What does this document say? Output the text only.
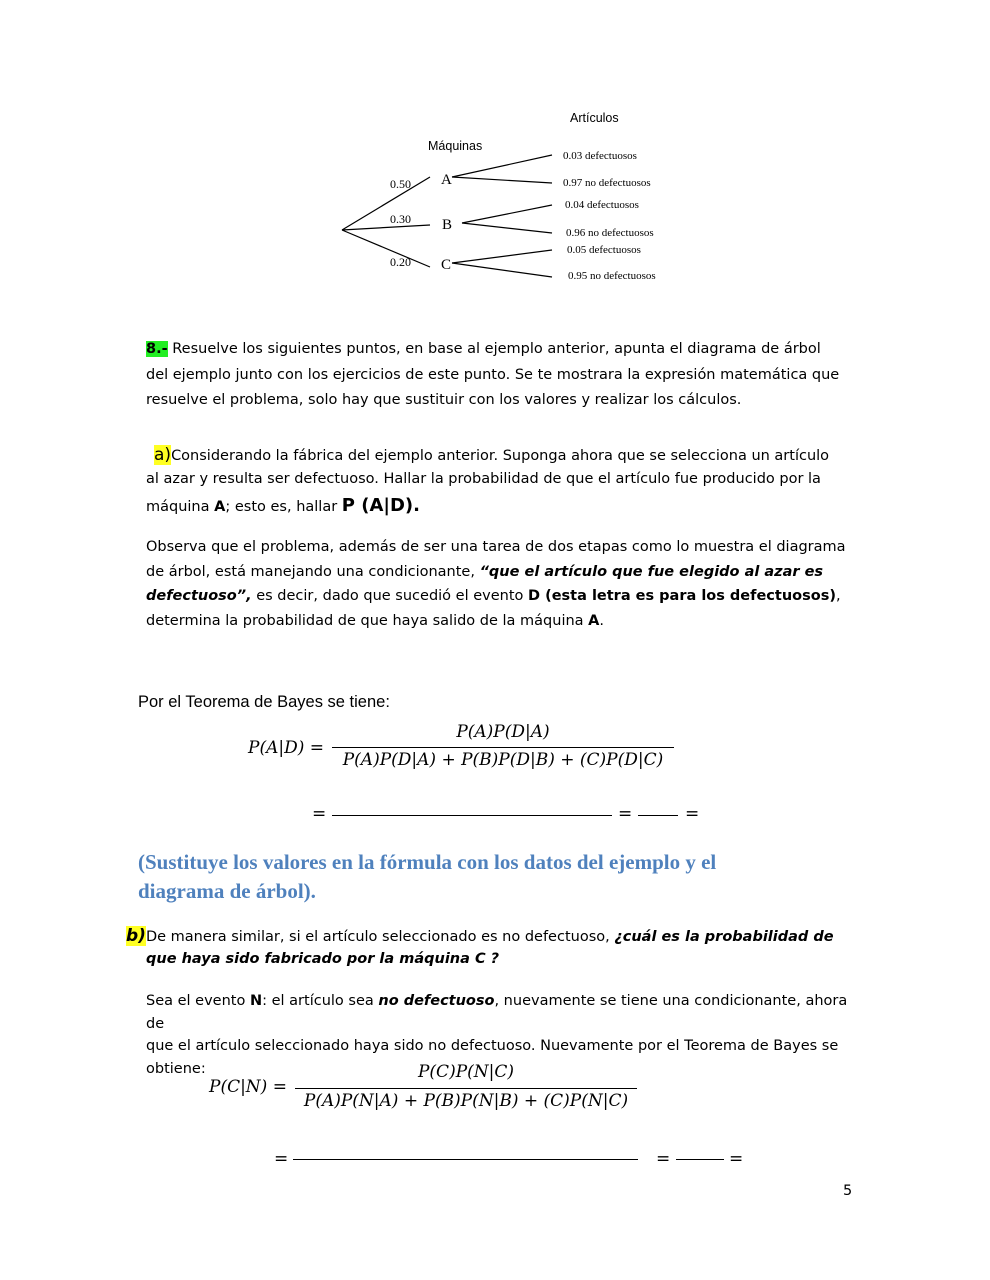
Artículos
Máquinas
0.50 A
0.03 defectuosos
0.97 no defectuosos
0.30 B
0.04 defectuosos
0.96 no defectuosos
0.20 C
0.05 defectuosos
0.95 no defectuosos
8.- Resuelve los siguientes puntos, en base al ejemplo anterior, apunta el diagrama de árbol
del ejemplo junto con los ejercicios de este punto. Se te mostrara la expresión matemática que
resuelve el problema, solo hay que sustituir con los valores y realizar los cálculos.
a)Considerando la fábrica del ejemplo anterior. Suponga ahora que se selecciona un artículo
al azar y resulta ser defectuoso. Hallar la probabilidad de que el artículo fue producido por la
máquina A; esto es, hallar P (A|D).
Observa que el problema, además de ser una tarea de dos etapas como lo muestra el diagrama
de árbol, está manejando una condicionante, “que el artículo que fue elegido al azar es
defectuoso”, es decir, dado que sucedió el evento D (esta letra es para los defectuosos),
determina la probabilidad de que haya salido de la máquina A.
Por el Teorema de Bayes se tiene:
P(A|D) =
P(A)P(D|A)
P(A)P(D|A) + P(B)P(D|B) + (C)P(D|C)
=	=	=
(Sustituye los valores en la fórmula con los datos del ejemplo y el
diagrama de árbol).
b)De manera similar, si el artículo seleccionado es no defectuoso, ¿cuál es la probabilidad de
que haya sido fabricado por la máquina C ?
Sea el evento N: el artículo sea no defectuoso, nuevamente se tiene una condicionante, ahora de
que el artículo seleccionado haya sido no defectuoso. Nuevamente por el Teorema de Bayes se
obtiene:
P(C|N) =
P(C)P(N|C)
P(A)P(N|A) + P(B)P(N|B) + (C)P(N|C)
=	=	=
5
